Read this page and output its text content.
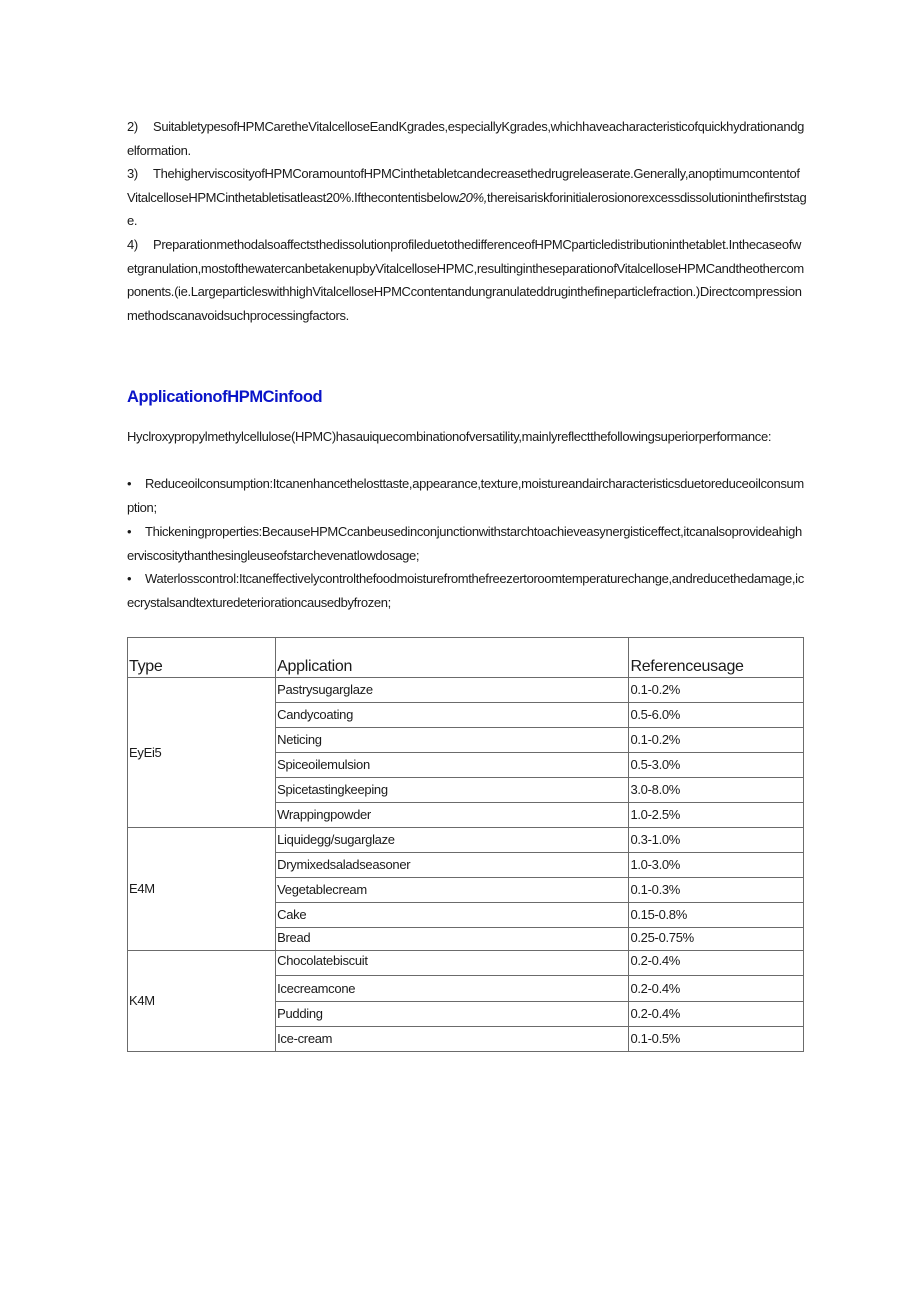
2) SuitabletypesofHPMCaretheVitalcelloseEandKgrades,especiallyKgrades,whichhaveacharacteristicofquickhydrationandgelformation.

3) ThehigherviscosityofHPMCoramountofHPMCinthetabletcandecreasethedrugreleaserate.Generally,anoptimumcontentofVitalcelloseHPMCinthetabletisatleast20%.Ifthecontentisbelow20%,thereisariskforinitialerosionorexcessdissolutioninthefirststage.

4) PreparationmethodalsoaffectsthedissolutionprofileduetothedifferenceofHPMCparticledistributioninthetablet.Inthecaseofwetgranulation,mostofthewatercanbetakenupbyVitalcelloseHPMC,resultingintheseparationofVitalcelloseHPMCandtheothercomponents.(ie.LargeparticleswithhighVitalcelloseHPMCcontentandungranulateddruginthefineparticlefraction.)Directcompressionmethodscanavoidsuchprocessingfactors.

ApplicationofHPMCinfood

Hyclroxypropylmethylcellulose(HPMC)hasauiquecombinationofversatility,mainlyreflectthefollowingsuperiorperformance:

• Reduceoilconsumption:Itcanenhancethelosttaste,appearance,texture,moistureandaircharacteristicsduetoreduceoilconsumption;

• Thickeningproperties:BecauseHPMCcanbeusedinconjunctionwithstarchtoachieveasynergisticeffect,itcanalsoprovideahigherviscositythanthesingleuseofstarchevenatlowdosage;

• Waterlosscontrol:Itcaneffectivelycontrolthefoodmoisturefromthefreezertoroomtemperaturechange,andreducethedamage,icecrystalsandtexturedeteriorationcausedbyfrozen;

Type	Application	Referenceusage
EyEi5	Pastrysugarglaze	0.1-0.2%
	Candycoating	0.5-6.0%
	Neticing	0.1-0.2%
	Spiceoilemulsion	0.5-3.0%
	Spicetastingkeeping	3.0-8.0%
	Wrappingpowder	1.0-2.5%
E4M	Liquidegg/sugarglaze	0.3-1.0%
	Drymixedsaladseasoner	1.0-3.0%
	Vegetablecream	0.1-0.3%
	Cake	0.15-0.8%
	Bread	0.25-0.75%
K4M	Chocolatebiscuit	0.2-0.4%
	Icecreamcone	0.2-0.4%
	Pudding	0.2-0.4%
	Ice-cream	0.1-0.5%
